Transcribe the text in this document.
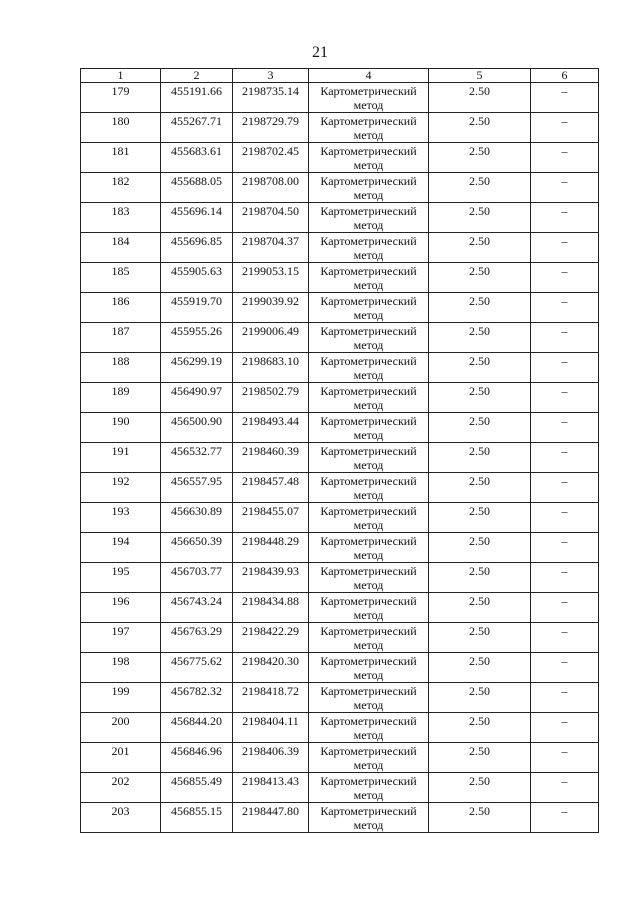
21
1	2	3	4	5	6
179	455191.66	2198735.14	Картометрический метод	2.50	–
180	455267.71	2198729.79	Картометрический метод	2.50	–
181	455683.61	2198702.45	Картометрический метод	2.50	–
182	455688.05	2198708.00	Картометрический метод	2.50	–
183	455696.14	2198704.50	Картометрический метод	2.50	–
184	455696.85	2198704.37	Картометрический метод	2.50	–
185	455905.63	2199053.15	Картометрический метод	2.50	–
186	455919.70	2199039.92	Картометрический метод	2.50	–
187	455955.26	2199006.49	Картометрический метод	2.50	–
188	456299.19	2198683.10	Картометрический метод	2.50	–
189	456490.97	2198502.79	Картометрический метод	2.50	–
190	456500.90	2198493.44	Картометрический метод	2.50	–
191	456532.77	2198460.39	Картометрический метод	2.50	–
192	456557.95	2198457.48	Картометрический метод	2.50	–
193	456630.89	2198455.07	Картометрический метод	2.50	–
194	456650.39	2198448.29	Картометрический метод	2.50	–
195	456703.77	2198439.93	Картометрический метод	2.50	–
196	456743.24	2198434.88	Картометрический метод	2.50	–
197	456763.29	2198422.29	Картометрический метод	2.50	–
198	456775.62	2198420.30	Картометрический метод	2.50	–
199	456782.32	2198418.72	Картометрический метод	2.50	–
200	456844.20	2198404.11	Картометрический метод	2.50	–
201	456846.96	2198406.39	Картометрический метод	2.50	–
202	456855.49	2198413.43	Картометрический метод	2.50	–
203	456855.15	2198447.80	Картометрический метод	2.50	–
